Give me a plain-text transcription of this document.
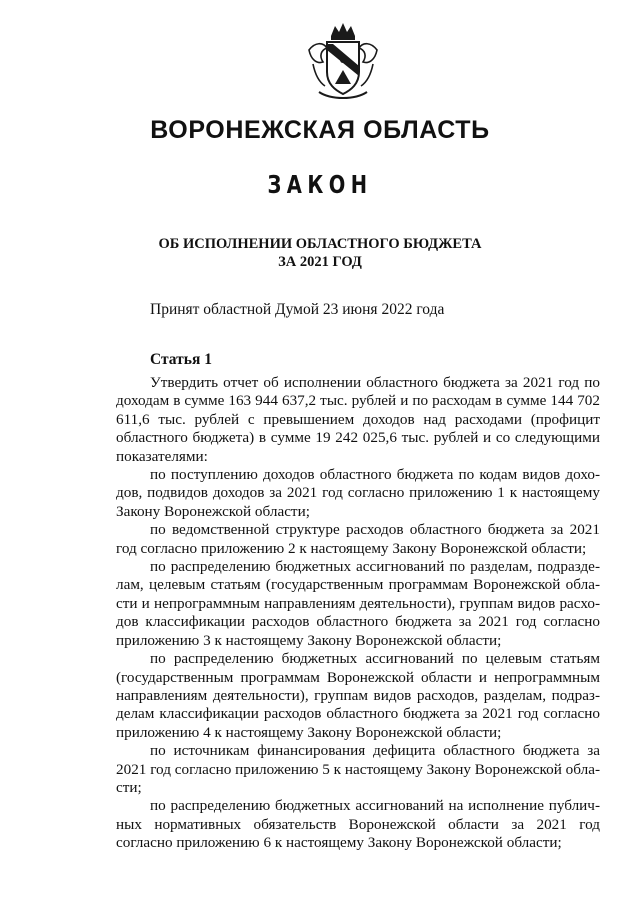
ВОРОНЕЖСКАЯ ОБЛАСТЬ
ЗАКОН
ОБ ИСПОЛНЕНИИ ОБЛАСТНОГО БЮДЖЕТА
ЗА 2021 ГОД
Принят областной Думой 23 июня 2022 года
Статья 1

Утвердить отчет об исполнении областного бюджета за 2021 год по доходам в сумме 163 944 637,2 тыс. рублей и по расходам в сумме 144 702 611,6 тыс. рублей с превышением доходов над расходами (профицит областного бюджета) в сумме 19 242 025,6 тыс. рублей и со следующими показателями:

по поступлению доходов областного бюджета по кодам видов доходов, подвидов доходов за 2021 год согласно приложению 1 к настоящему Закону Воронежской области;

по ведомственной структуре расходов областного бюджета за 2021 год согласно приложению 2 к настоящему Закону Воронежской области;

по распределению бюджетных ассигнований по разделам, подразделам, целевым статьям (государственным программам Воронежской области и непрограммным направлениям деятельности), группам видов расходов классификации расходов областного бюджета за 2021 год согласно приложению 3 к настоящему Закону Воронежской области;

по распределению бюджетных ассигнований по целевым статьям (государственным программам Воронежской области и непрограммным направлениям деятельности), группам видов расходов, разделам, подразделам классификации расходов областного бюджета за 2021 год согласно приложению 4 к настоящему Закону Воронежской области;

по источникам финансирования дефицита областного бюджета за 2021 год согласно приложению 5 к настоящему Закону Воронежской области;

по распределению бюджетных ассигнований на исполнение публичных нормативных обязательств Воронежской области за 2021 год согласно приложению 6 к настоящему Закону Воронежской области;
